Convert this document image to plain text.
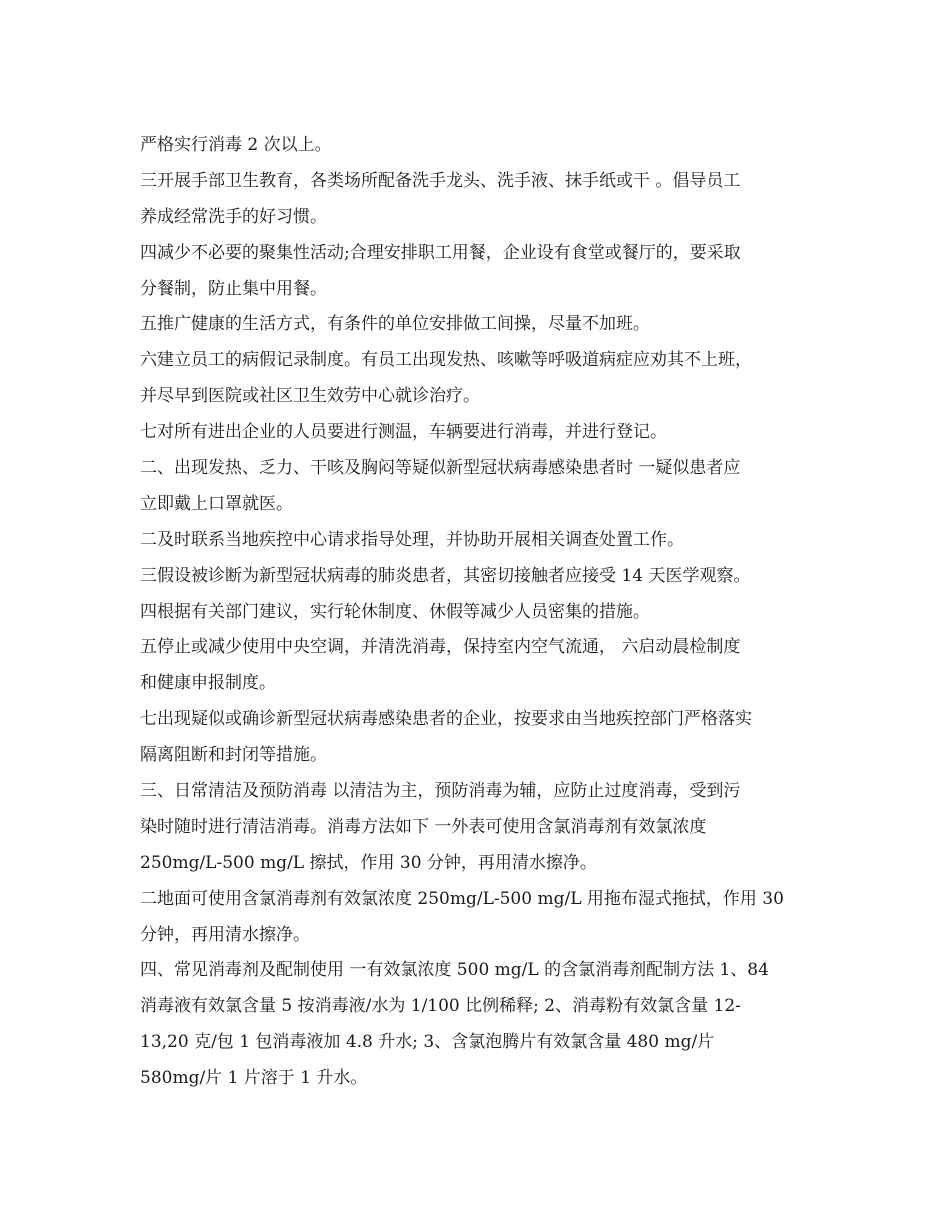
严格实行消毒 2 次以上。
三开展手部卫生教育，各类场所配备洗手龙头、洗手液、抹手纸或干 。倡导员工
养成经常洗手的好习惯。
四减少不必要的聚集性活动;合理安排职工用餐，企业设有食堂或餐厅的，要采取
分餐制，防止集中用餐。
五推广健康的生活方式，有条件的单位安排做工间操，尽量不加班。
六建立员工的病假记录制度。有员工出现发热、咳嗽等呼吸道病症应劝其不上班，
并尽早到医院或社区卫生效劳中心就诊治疗。
七对所有进出企业的人员要进行测温，车辆要进行消毒，并进行登记。
二、出现发热、乏力、干咳及胸闷等疑似新型冠状病毒感染患者时 一疑似患者应
立即戴上口罩就医。
二及时联系当地疾控中心请求指导处理，并协助开展相关调查处置工作。
三假设被诊断为新型冠状病毒的肺炎患者，其密切接触者应接受 14 天医学观察。
四根据有关部门建议，实行轮休制度、休假等减少人员密集的措施。
五停止或减少使用中央空调，并清洗消毒，保持室内空气流通， 六启动晨检制度
和健康申报制度。
七出现疑似或确诊新型冠状病毒感染患者的企业，按要求由当地疾控部门严格落实
隔离阻断和封闭等措施。
三、日常清洁及预防消毒 以清洁为主，预防消毒为辅，应防止过度消毒，受到污
染时随时进行清洁消毒。消毒方法如下 一外表可使用含氯消毒剂有效氯浓度
250mg/L-500 mg/L 擦拭，作用 30 分钟，再用清水擦净。
二地面可使用含氯消毒剂有效氯浓度 250mg/L-500 mg/L 用拖布湿式拖拭，作用 30
分钟，再用清水擦净。
四、常见消毒剂及配制使用 一有效氯浓度 500 mg/L 的含氯消毒剂配制方法 1、84
消毒液有效氯含量 5 按消毒液/水为 1/100 比例稀释; 2、消毒粉有效氯含量 12-
13,20 克/包 1 包消毒液加 4.8 升水; 3、含氯泡腾片有效氯含量 480 mg/片
580mg/片 1 片溶于 1 升水。
